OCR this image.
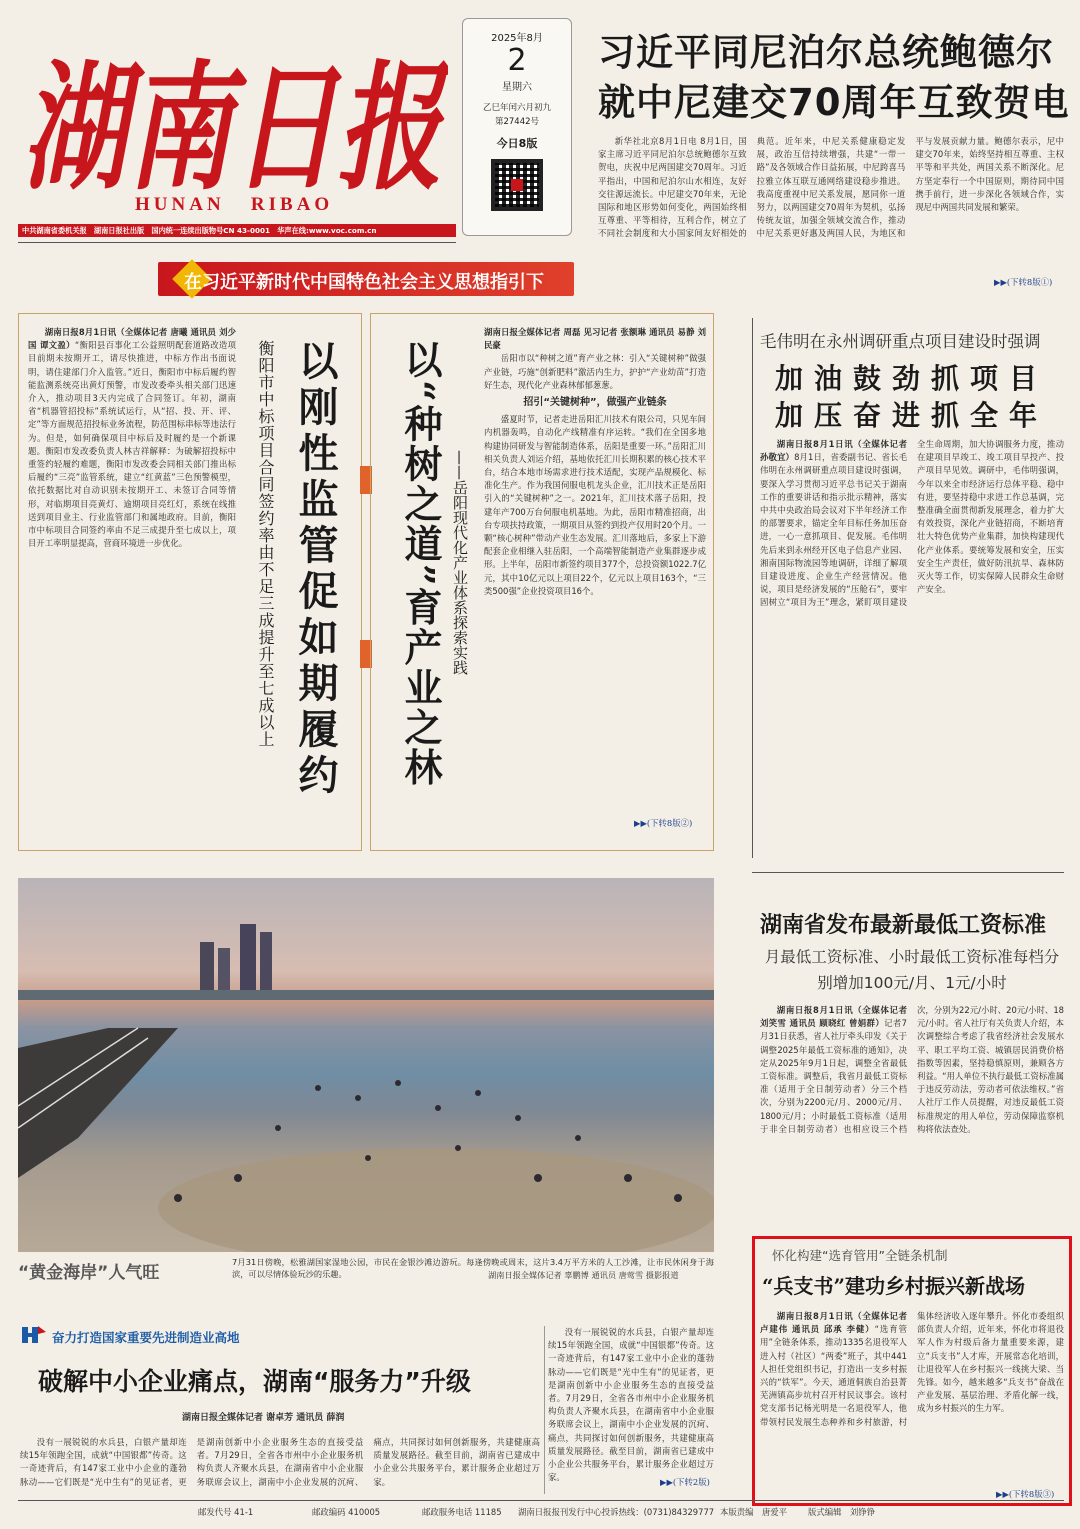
湖南日报
HUNAN   RIBAO
中共湖南省委机关报　湖南日报社出版　国内统一连续出版物号CN 43-0001　华声在线:www.voc.com.cn
2025年8月
2
星期六
乙巳年闰六月初九
第27442号
今日8版
习近平同尼泊尔总统鲍德尔
就中尼建交70周年互致贺电

新华社北京8月1日电 8月1日，国家主席习近平同尼泊尔总统鲍德尔互致贺电，庆祝中尼两国建交70周年。习近平指出，中国和尼泊尔山水相连，友好交往源远流长。中尼建交70年来，无论国际和地区形势如何变化，两国始终相互尊重、平等相待，互利合作，树立了不同社会制度和大小国家间友好相处的典范。近年来，中尼关系健康稳定发展，政治互信持续增强，共建“一带一路”及各领域合作日益拓展，中尼跨喜马拉雅立体互联互通网络建设稳步推进。我高度重视中尼关系发展，愿同你一道努力，以两国建交70周年为契机，弘扬传统友谊，加强全领域交流合作，推动中尼关系更好惠及两国人民，为地区和平与发展贡献力量。鲍德尔表示，尼中建交70年来，始终坚持相互尊重、主权平等和平共处，两国关系不断深化。尼方坚定奉行一个中国原则，期待同中国携手前行，进一步深化各领域合作，实现尼中两国共同发展和繁荣。

▶▶(下转8版①)
在习近平新时代中国特色社会主义思想指引下

湖南日报8月1日讯（全媒体记者 唐曦 通讯员 刘少国 谭文盈）“衡阳县百事化工公益照明配套道路改造项目前期未按期开工，请尽快推进，中标方作出书面说明，请住建部门介入监管。”近日，衡阳市中标后履约智能监测系统亮出黄灯预警，市发改委牵头相关部门迅速介入，推动项目3天内完成了合同签订。年初，湖南省“机器管招投标”系统试运行，从“招、投、开、评、定”等方面规范招投标业务流程，防范围标串标等违法行为。但是，如何确保项目中标后及时履约是一个新课题。衡阳市发改委负责人林吉祥解释：为破解招投标中重签约轻履约难题，衡阳市发改委会同相关部门推出标后履约“三亮”监管系统，建立“红黄蓝”三色预警模型，依托数据比对自动识别未按期开工、未签订合同等情形，对临期项目亮黄灯、逾期项目亮红灯，系统在线推送到项目业主、行业监管部门和属地政府。目前，衡阳市中标项目合同签约率由不足三成提升至七成以上，项目开工率明显提高，营商环境进一步优化。	以刚性监管促如期履约
衡阳市中标项目合同签约率由不足三成提升至七成以上	以“种树之道”育产业之林 ——岳阳现代化产业体系探索实践

湖南日报全媒体记者 周磊 见习记者 张额琳 通讯员 易静 刘民豪

岳阳市以“种树之道”育产业之林：引入“关键树种”做强产业链，巧施“创新肥料”激活内生力，护护“产业幼苗”打造好生态，现代化产业森林郁郁葱葱。

招引“关键树种”，做强产业链条

盛夏时节，记者走进岳阳汇川技术有限公司，只见车间内机器轰鸣，自动化产线精准有序运转。“我们在全国多地构建协同研发与智能制造体系，岳阳是重要一环。”岳阳汇川相关负责人刘运介绍，基地依托汇川长期积累的核心技术平台，结合本地市场需求进行技术适配，实现产品规模化、标准化生产。作为我国伺服电机龙头企业，汇川技术正是岳阳引入的“关键树种”之一。2021年，汇川技术落子岳阳，投建年产700万台伺服电机基地。为此，岳阳市精准招商，出台专项扶持政策，一期项目从签约到投产仅用时20个月。一颗“核心树种”带动产业生态发展。汇川落地后，多家上下游配套企业相继入驻岳阳，一个高端智能制造产业集群逐步成形。上半年，岳阳市新签约项目377个，总投资额1022.7亿元，其中10亿元以上项目22个，亿元以上项目163个，“三类500强”企业投资项目16个。

▶▶(下转8版②)
毛伟明在永州调研重点项目建设时强调
加油鼓劲抓项目
加压奋进抓全年

湖南日报8月1日讯（全媒体记者 孙敬宜）8月1日，省委副书记、省长毛伟明在永州调研重点项目建设时强调，要深入学习贯彻习近平总书记关于湖南工作的重要讲话和指示批示精神，落实中共中央政治局会议对下半年经济工作的部署要求，锚定全年目标任务加压奋进，一心一意抓项目、促发展。毛伟明先后来到永州经开区电子信息产业园、湘南国际物流园等地调研，详细了解项目建设进度、企业生产经营情况。他说，项目是经济发展的“压舱石”，要牢固树立“项目为王”理念，紧盯项目建设全生命周期，加大协调服务力度，推动在建项目早竣工、竣工项目早投产、投产项目早见效。调研中，毛伟明强调，今年以来全市经济运行总体平稳、稳中有进，要坚持稳中求进工作总基调，完整准确全面贯彻新发展理念，着力扩大有效投资，深化产业链招商，不断培育壮大特色优势产业集群，加快构建现代化产业体系。要统筹发展和安全，压实安全生产责任，做好防汛抗旱、森林防灭火等工作，切实保障人民群众生命财产安全。

“黄金海岸”人气旺
7月31日傍晚，松雅湖国家湿地公园，市民在金银沙滩边游玩。每逢傍晚或周末，这片3.4万平方米的人工沙滩，让市民休闲身于海滨，可以尽情体验玩沙的乐趣。	湖南日报全媒体记者 辜鹏博 通讯员 唐莺雪 摄影报道
湖南省发布最新最低工资标准
月最低工资标准、小时最低工资标准每档分别增加100元/月、1元/小时

湖南日报8月1日讯（全媒体记者 刘笑雪 通讯员 顾晓红 曾娟群）记者7月31日获悉，省人社厅牵头印发《关于调整2025年最低工资标准的通知》，决定从2025年9月1日起，调整全省最低工资标准。调整后，我省月最低工资标准（适用于全日制劳动者）分三个档次，分别为2200元/月、2000元/月、1800元/月；小时最低工资标准（适用于非全日制劳动者）也相应设三个档次，分别为22元/小时、20元/小时、18元/小时。省人社厅有关负责人介绍，本次调整综合考虑了我省经济社会发展水平、职工平均工资、城镇居民消费价格指数等因素，坚持稳慎原则，兼顾各方利益。“用人单位不执行最低工资标准属于违反劳动法，劳动者可依法维权。”省人社厅工作人员提醒，对违反最低工资标准规定的用人单位，劳动保障监察机构将依法查处。

怀化构建“选育管用”全链条机制
“兵支书”建功乡村振兴新战场

湖南日报8月1日讯（全媒体记者 卢建伟 通讯员 邱承 李健）“选育管用”全链条体系，推动1335名退役军人进入村（社区）“两委”班子，其中441人担任党组织书记，打造出一支乡村振兴的“铁军”。今天，通道侗族自治县菁芜洲镇高步坑村召开村民议事会。该村党支部书记杨光明是一名退役军人，他带领村民发展生态种养和乡村旅游，村集体经济收入逐年攀升。怀化市委组织部负责人介绍，近年来，怀化市将退役军人作为村级后备力量重要来源，建立“兵支书”人才库，开展常态化培训，让退役军人在乡村振兴一线挑大梁、当先锋。如今，越来越多“兵支书”奋战在产业发展、基层治理、矛盾化解一线，成为乡村振兴的生力军。

▶▶(下转8版③)
奋力打造国家重要先进制造业高地
破解中小企业痛点，湖南“服务力”升级
湖南日报全媒体记者 谢卓芳 通讯员 薛润

没有一展锐锐的水兵县，白银产量却连续15年领跑全国，成就“中国银都”传奇。这一奇迹背后，有147家工业中小企业的蓬勃脉动——它们既是“光中生有”的见证者，更是湖南创新中小企业服务生态的直接受益者。7月29日，全省各市州中小企业服务机构负责人齐聚水兵县，在湖南省中小企业服务联席会议上，湖南中小企业发展的沉疴、痛点，共同探讨如何创新服务，共建健康高质量发展路径。截至目前，湖南省已建成中小企业公共服务平台，累计服务企业超过万家。

没有一展锐锐的水兵县，白银产量却连续15年领跑全国，成就“中国银都”传奇。这一奇迹背后，有147家工业中小企业的蓬勃脉动——它们既是“光中生有”的见证者，更是湖南创新中小企业服务生态的直接受益者。7月29日，全省各市州中小企业服务机构负责人齐聚水兵县，在湖南省中小企业服务联席会议上，湖南中小企业发展的沉疴、痛点，共同探讨如何创新服务，共建健康高质量发展路径。截至目前，湖南省已建成中小企业公共服务平台，累计服务企业超过万家。	▶▶(下转2版)
邮发代号 41-1	邮政编码 410005	邮政服务电话 11185 湖南日报报刊发行中心投诉热线：(0731)84329777 本版责编　唐爱平	版式编辑　刘铮铮
